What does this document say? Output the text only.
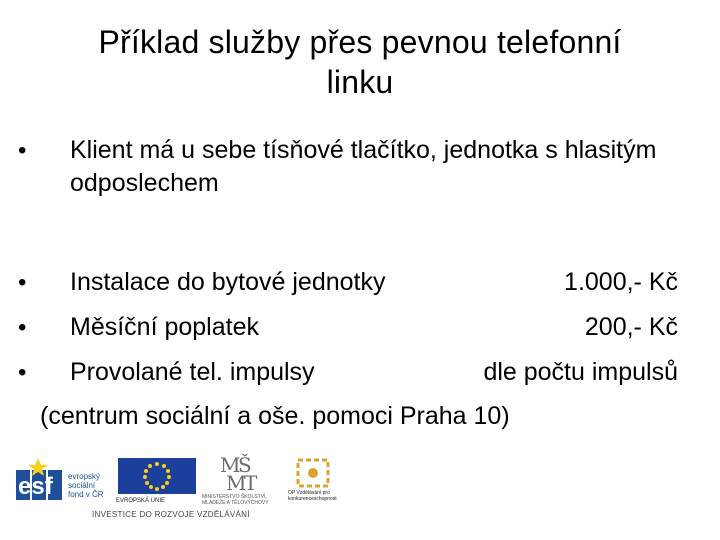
Příklad služby přes pevnou telefonní
linku
• Klient má u sebe tísňové tlačítko, jednotka s hlasitým odposlechem
• Instalace do bytové jednotky	1.000,- Kč
• Měsíční poplatek	200,- Kč
• Provolané tel. impulsy	dle počtu impulsů
(centrum sociální a oše. pomoci Praha 10)
esf evropský
sociální
fond v ČR
EVROPSKÁ UNIE
M
Š
M
T
MINISTERSTVO ŠKOLSTVÍ, MLÁDEŽE A TĚLOVÝCHOVY
OP Vzdělávání pro konkurenceschopnost
INVESTICE DO ROZVOJE VZDĚLÁVÁNÍ
